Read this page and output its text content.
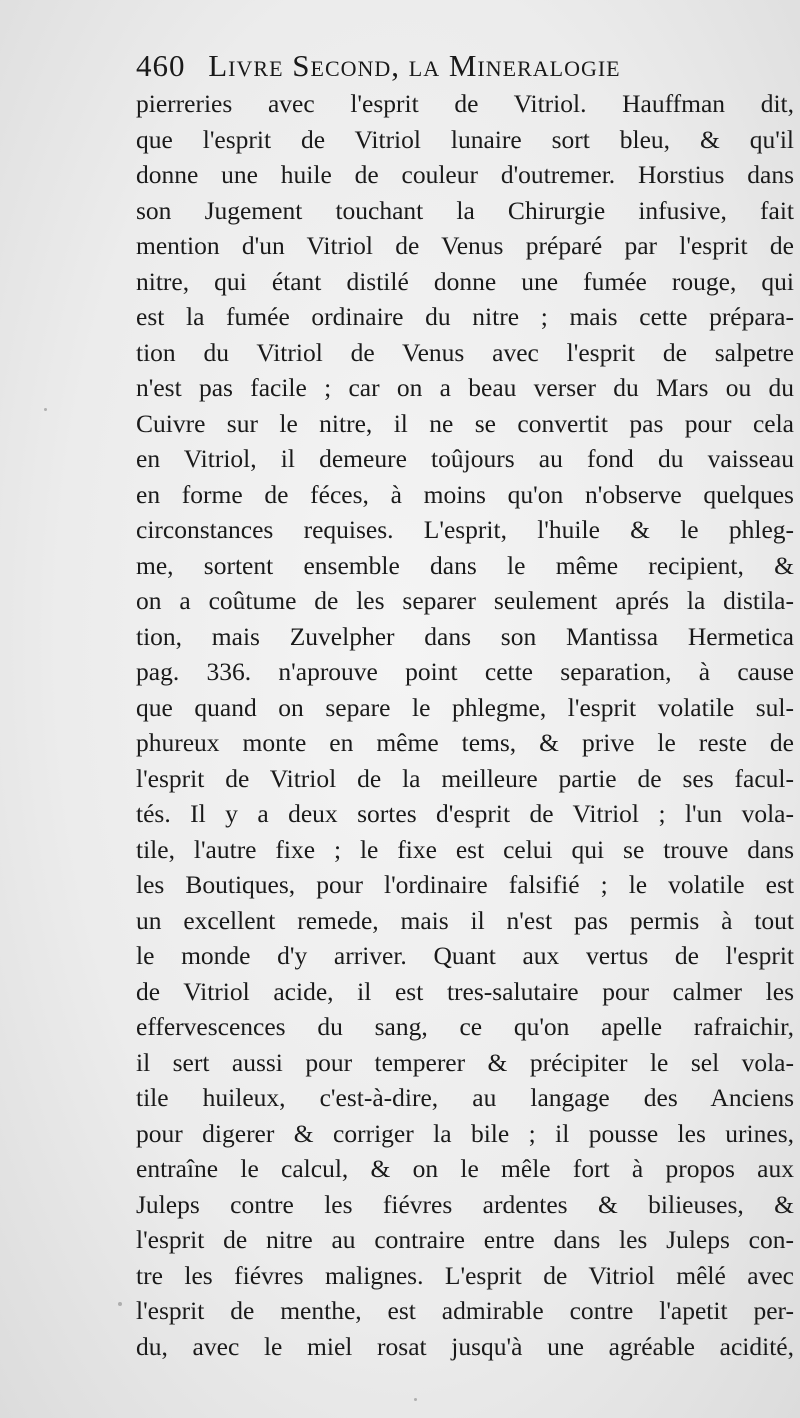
460 Livre Second, la Mineralogie
pierreries avec l'esprit de Vitriol. Hauffman dit,
que l'esprit de Vitriol lunaire sort bleu, & qu'il
donne une huile de couleur d'outremer. Horstius dans
son Jugement touchant la Chirurgie infusive, fait
mention d'un Vitriol de Venus préparé par l'esprit de
nitre, qui étant distilé donne une fumée rouge, qui
est la fumée ordinaire du nitre ; mais cette prépara-
tion du Vitriol de Venus avec l'esprit de salpetre
n'est pas facile ; car on a beau verser du Mars ou du
Cuivre sur le nitre, il ne se convertit pas pour cela
en Vitriol, il demeure toûjours au fond du vaisseau
en forme de féces, à moins qu'on n'observe quelques
circonstances requises. L'esprit, l'huile & le phleg-
me, sortent ensemble dans le même recipient, &
on a coûtume de les separer seulement aprés la distila-
tion, mais Zuvelpher dans son Mantissa Hermetica
pag. 336. n'aprouve point cette separation, à cause
que quand on separe le phlegme, l'esprit volatile sul-
phureux monte en même tems, & prive le reste de
l'esprit de Vitriol de la meilleure partie de ses facul-
tés. Il y a deux sortes d'esprit de Vitriol ; l'un vola-
tile, l'autre fixe ; le fixe est celui qui se trouve dans
les Boutiques, pour l'ordinaire falsifié ; le volatile est
un excellent remede, mais il n'est pas permis à tout
le monde d'y arriver. Quant aux vertus de l'esprit
de Vitriol acide, il est tres-salutaire pour calmer les
effervescences du sang, ce qu'on apelle rafraichir,
il sert aussi pour temperer & précipiter le sel vola-
tile huileux, c'est-à-dire, au langage des Anciens
pour digerer & corriger la bile ; il pousse les urines,
entraîne le calcul, & on le mêle fort à propos aux
Juleps contre les fiévres ardentes & bilieuses, &
l'esprit de nitre au contraire entre dans les Juleps con-
tre les fiévres malignes. L'esprit de Vitriol mêlé avec
l'esprit de menthe, est admirable contre l'apetit per-
du, avec le miel rosat jusqu'à une agréable acidité,
